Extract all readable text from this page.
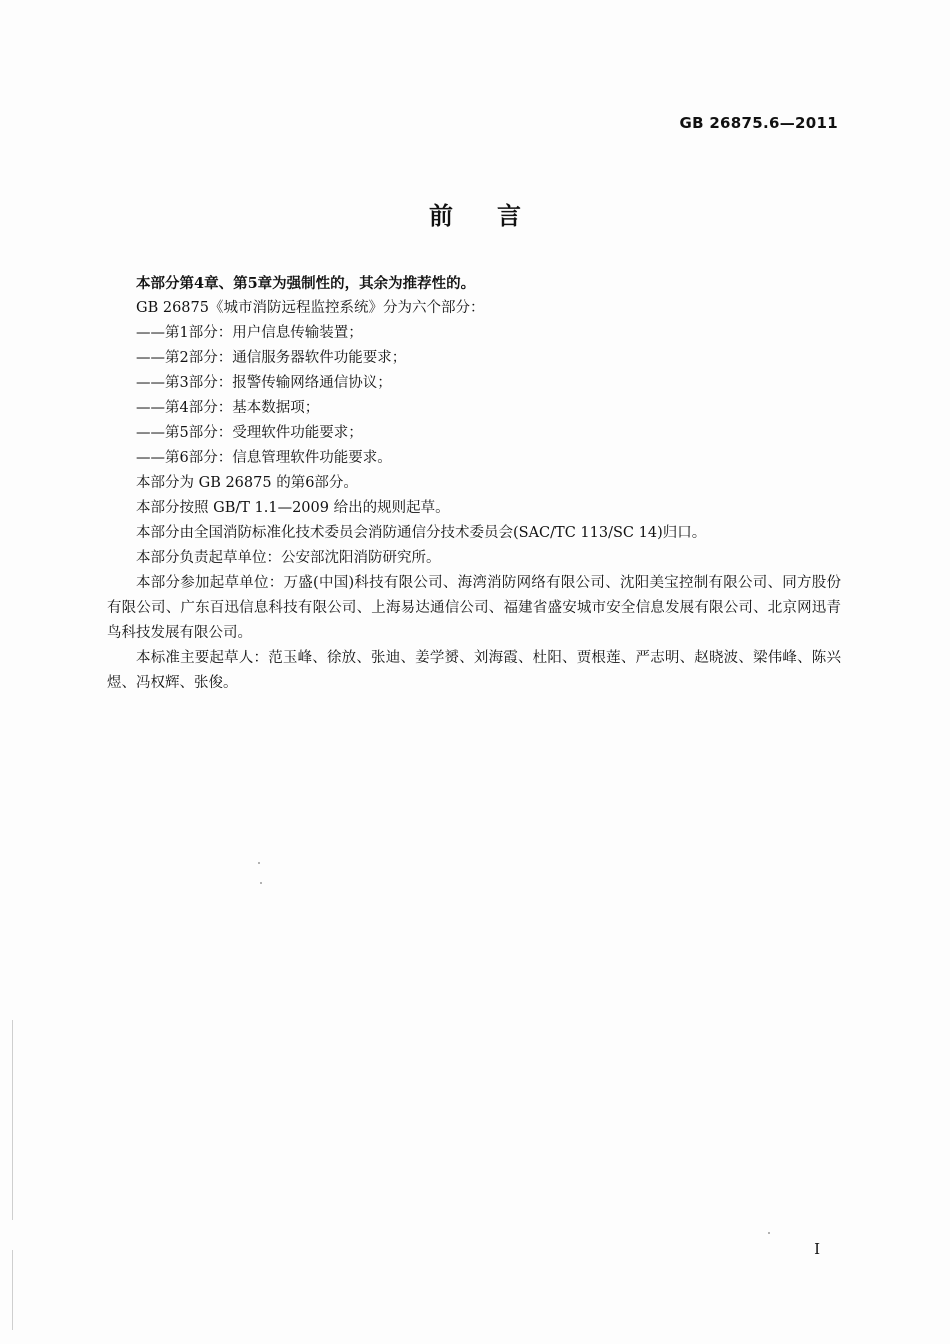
GB 26875.6—2011
前言

本部分第4章、第5章为强制性的，其余为推荐性的。

GB 26875《城市消防远程监控系统》分为六个部分：

——第1部分：用户信息传输装置；

——第2部分：通信服务器软件功能要求；

——第3部分：报警传输网络通信协议；

——第4部分：基本数据项；

——第5部分：受理软件功能要求；

——第6部分：信息管理软件功能要求。

本部分为 GB 26875 的第6部分。

本部分按照 GB/T 1.1—2009 给出的规则起草。

本部分由全国消防标准化技术委员会消防通信分技术委员会(SAC/TC 113/SC 14)归口。

本部分负责起草单位：公安部沈阳消防研究所。

本部分参加起草单位：万盛(中国)科技有限公司、海湾消防网络有限公司、沈阳美宝控制有限公司、同方股份有限公司、广东百迅信息科技有限公司、上海易达通信公司、福建省盛安城市安全信息发展有限公司、北京网迅青鸟科技发展有限公司。

本标准主要起草人：范玉峰、徐放、张迪、姜学赟、刘海霞、杜阳、贾根莲、严志明、赵晓波、梁伟峰、陈兴煜、冯权辉、张俊。

I
